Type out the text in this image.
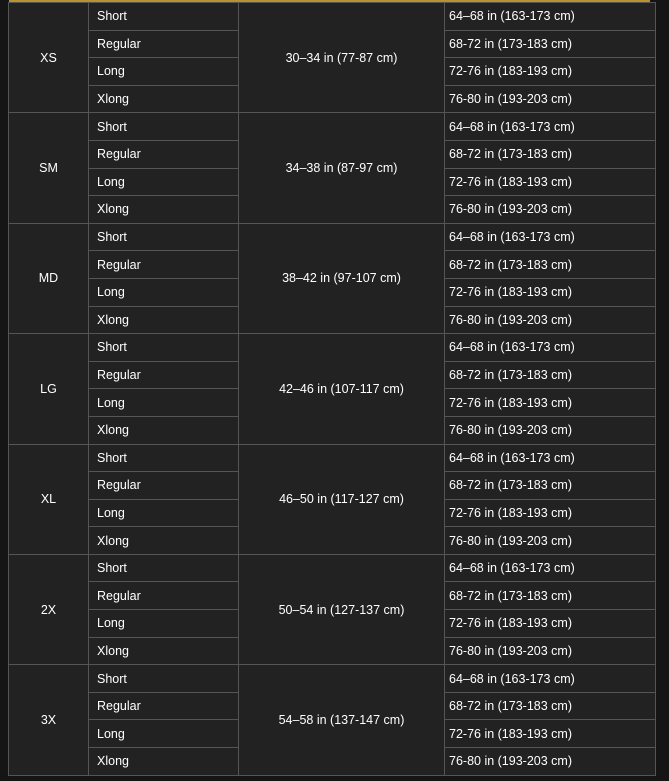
XS	Short	30–34 in (77-87 cm)	64–68 in (163-173 cm)
	Regular		68-72 in (173-183 cm)
	Long		72-76 in (183-193 cm)
	Xlong		76-80 in (193-203 cm)
SM	Short	34–38 in (87-97 cm)	64–68 in (163-173 cm)
	Regular		68-72 in (173-183 cm)
	Long		72-76 in (183-193 cm)
	Xlong		76-80 in (193-203 cm)
MD	Short	38–42 in (97-107 cm)	64–68 in (163-173 cm)
	Regular		68-72 in (173-183 cm)
	Long		72-76 in (183-193 cm)
	Xlong		76-80 in (193-203 cm)
LG	Short	42–46 in (107-117 cm)	64–68 in (163-173 cm)
	Regular		68-72 in (173-183 cm)
	Long		72-76 in (183-193 cm)
	Xlong		76-80 in (193-203 cm)
XL	Short	46–50 in (117-127 cm)	64–68 in (163-173 cm)
	Regular		68-72 in (173-183 cm)
	Long		72-76 in (183-193 cm)
	Xlong		76-80 in (193-203 cm)
2X	Short	50–54 in (127-137 cm)	64–68 in (163-173 cm)
	Regular		68-72 in (173-183 cm)
	Long		72-76 in (183-193 cm)
	Xlong		76-80 in (193-203 cm)
3X	Short	54–58 in (137-147 cm)	64–68 in (163-173 cm)
	Regular		68-72 in (173-183 cm)
	Long		72-76 in (183-193 cm)
	Xlong		76-80 in (193-203 cm)
